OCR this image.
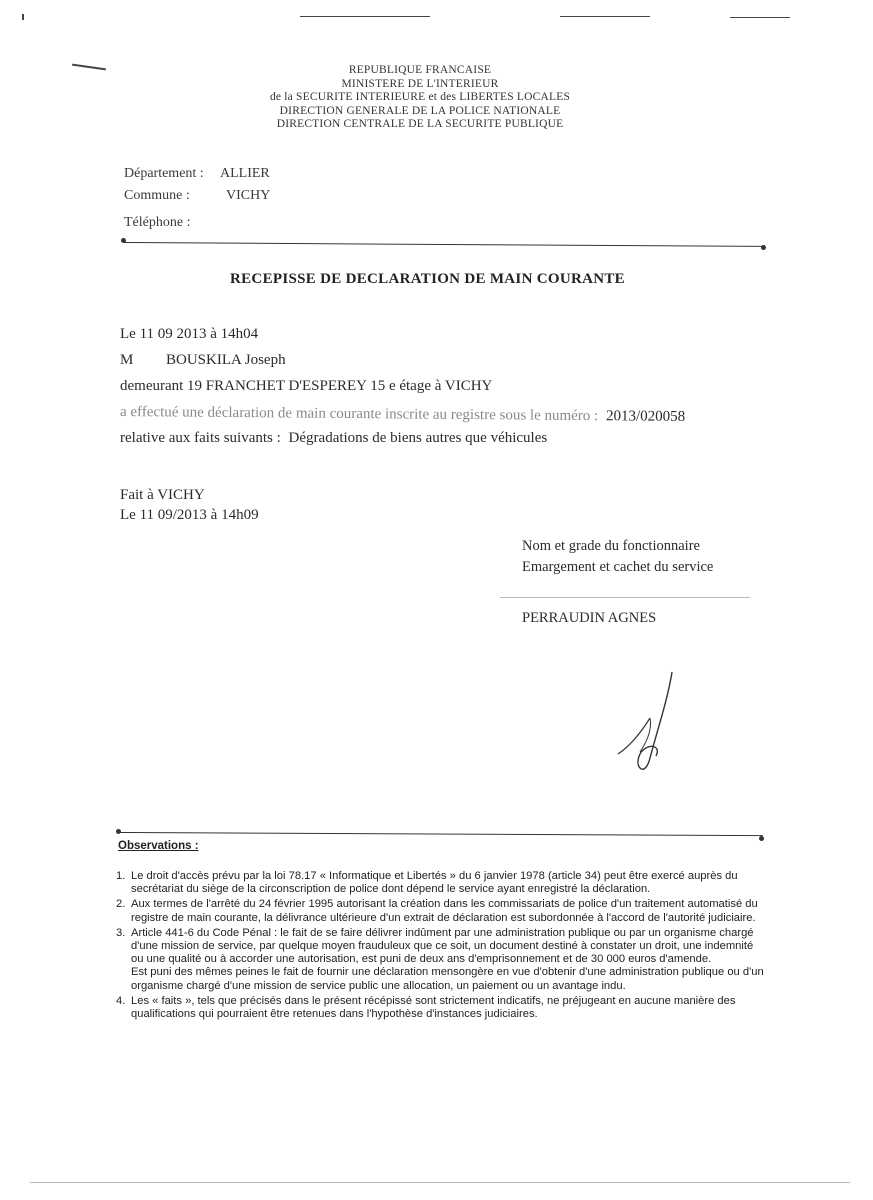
REPUBLIQUE FRANCAISE
MINISTERE DE L'INTERIEUR
de la SECURITE INTERIEURE et des LIBERTES LOCALES
DIRECTION GENERALE DE LA POLICE NATIONALE
DIRECTION CENTRALE DE LA SECURITE PUBLIQUE
Département : ALLIER
Commune :	VICHY
Téléphone :
RECEPISSE DE DECLARATION DE MAIN COURANTE
Le 11 09 2013 à 14h04
M BOUSKILA Joseph
demeurant 19 FRANCHET D'ESPEREY 15 e étage à VICHY
a effectué une déclaration de main courante inscrite au registre sous le numéro : 2013/020058
relative aux faits suivants : Dégradations de biens autres que véhicules
Fait à VICHY
Le 11 09/2013 à 14h09
Nom et grade du fonctionnaire
Emargement et cachet du service
PERRAUDIN AGNES
Observations :
1. Le droit d'accès prévu par la loi 78.17 « Informatique et Libertés » du 6 janvier 1978 (article 34) peut être exercé auprès du secrétariat du siège de la circonscription de police dont dépend le service ayant enregistré la déclaration.
2. Aux termes de l'arrêté du 24 février 1995 autorisant la création dans les commissariats de police d'un traitement automatisé du registre de main courante, la délivrance ultérieure d'un extrait de déclaration est subordonnée à l'accord de l'autorité judiciaire.
3. Article 441-6 du Code Pénal : le fait de se faire délivrer indûment par une administration publique ou par un organisme chargé d'une mission de service, par quelque moyen frauduleux que ce soit, un document destiné à constater un droit, une indemnité ou une qualité ou à accorder une autorisation, est puni de deux ans d'emprisonnement et de 30 000 euros d'amende.
Est puni des mêmes peines le fait de fournir une déclaration mensongère en vue d'obtenir d'une administration publique ou d'un organisme chargé d'une mission de service public une allocation, un paiement ou un avantage indu.
4. Les « faits », tels que précisés dans le présent récépissé sont strictement indicatifs, ne préjugeant en aucune manière des qualifications qui pourraient être retenues dans l'hypothèse d'instances judiciaires.
